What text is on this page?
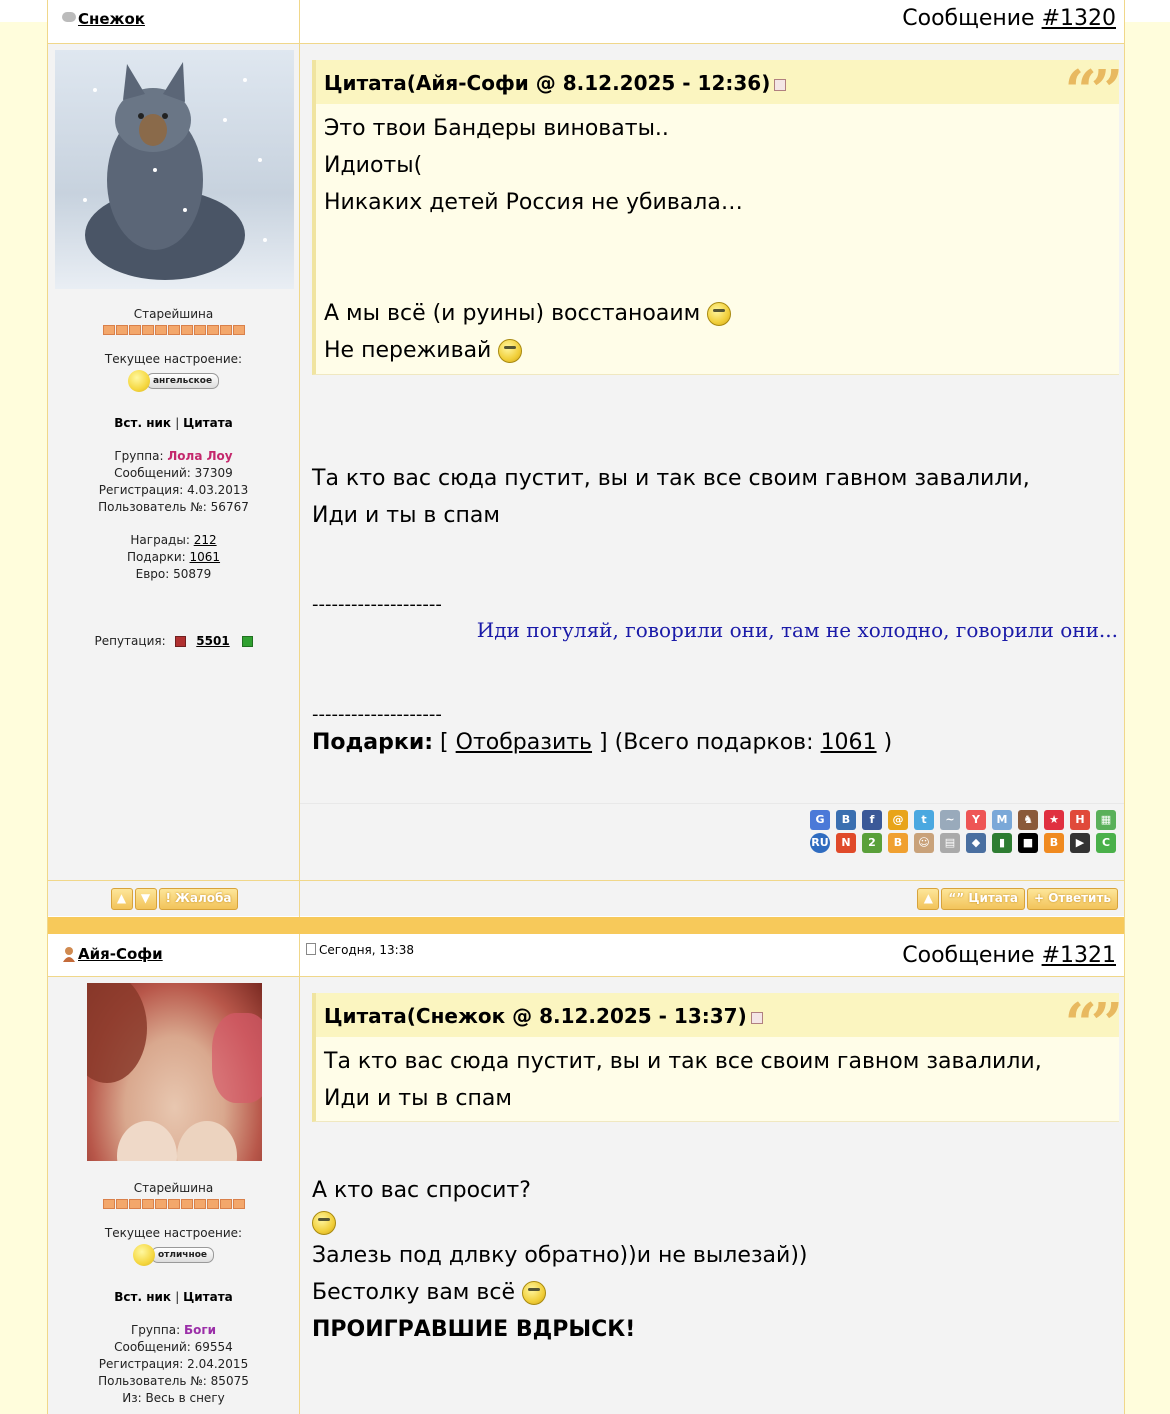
Снежок	Сообщение #1320
Старейшина
Текущее настроение:
ангельское
Вст. ник | Цитата
Группа: Лола Лоу
Сообщений: 37309
Регистрация: 4.03.2013
Пользователь №: 56767
Награды: 212
Подарки: 1061
Евро: 50879
Репутация:	5501
Цитата(Айя-Софи @ 8.12.2025 - 12:36)	“”
Это твои Бандеры виноваты..
Идиоты(
Никаких детей Россия не убивала…
А мы всё (и руины) восстаноаим
Не переживай
Та кто вас сюда пустит, вы и так все своим гавном завалили,
Иди и ты в спам
--------------------
Иди погуляй, говорили они, там не холодно, говорили они...
--------------------
Подарки: [ Отобразить ] (Всего подарков: 1061 )
G B f @ t ~ Y M ♞ ★ H ▦
RU N 2 B ☺ ▤ ◆ ▮ ■ B ▶ C
▲ ▼ ! Жалоба	▲ “” Цитата + Ответить
Айя-Софи	Сегодня, 13:38	Сообщение #1321
Старейшина
Текущее настроение:
отличное
Вст. ник | Цитата
Группа: Боги
Сообщений: 69554
Регистрация: 2.04.2015
Пользователь №: 85075
Из: Весь в снегу
Цитата(Снежок @ 8.12.2025 - 13:37)	“”
Та кто вас сюда пустит, вы и так все своим гавном завалили,
Иди и ты в спам
А кто вас спросит?
Залезь под длвку обратно))и не вылезай))
Бестолку вам всё
ПРОИГРАВШИЕ ВДРЫСК!
